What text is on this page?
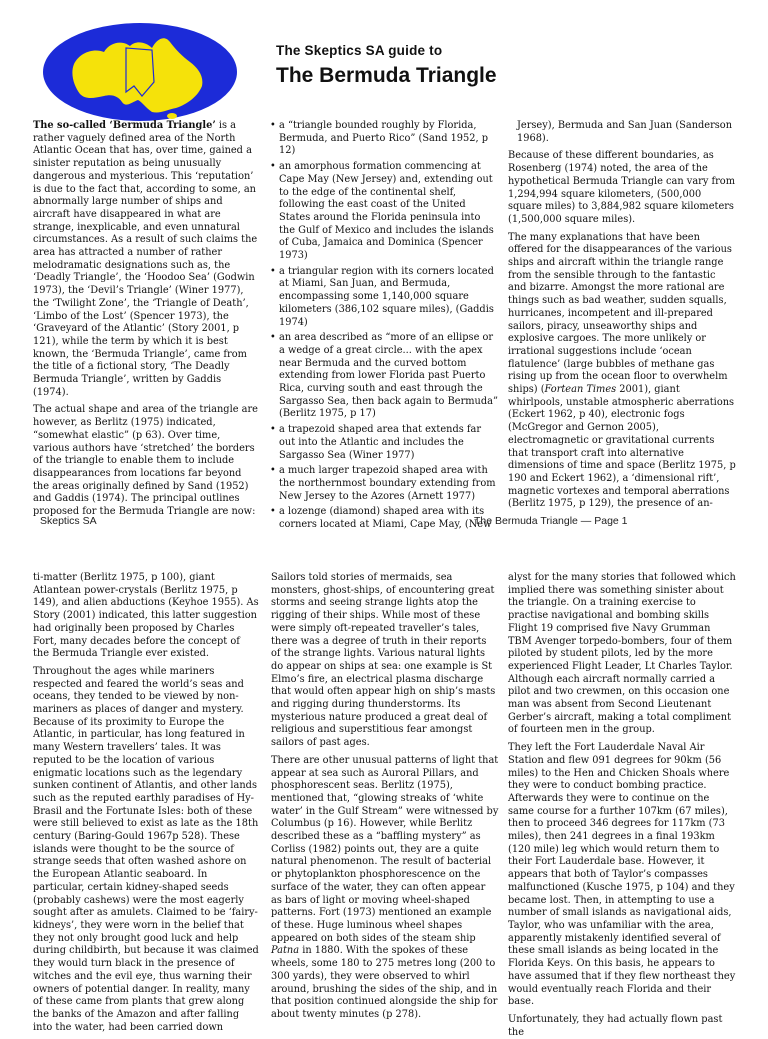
The Skeptics SA guide to
The Bermuda Triangle

The so-called ‘Bermuda Triangle’ is a rather vaguely defined area of the North Atlantic Ocean that has, over time, gained a sinister reputation as being unusually dangerous and mysterious. This ‘reputation’ is due to the fact that, according to some, an abnormally large number of ships and aircraft have disappeared in what are strange, inexplicable, and even unnatural circumstances. As a result of such claims the area has attracted a number of rather melodramatic designations such as, the ‘Deadly Triangle’, the ‘Hoodoo Sea’ (Godwin 1973), the ‘Devil’s Triangle’ (Winer 1977), the ‘Twilight Zone’, the ‘Triangle of Death’, ‘Limbo of the Lost’ (Spencer 1973), the ‘Graveyard of the Atlantic’ (Story 2001, p 121), while the term by which it is best known, the ‘Bermuda Triangle’, came from the title of a fictional story, ‘The Deadly Bermuda Triangle’, written by Gaddis (1974).

The actual shape and area of the triangle are however, as Berlitz (1975) indicated, “somewhat elastic” (p 63). Over time, various authors have ‘stretched’ the borders of the triangle to enable them to include disappearances from locations far beyond the areas originally defined by Sand (1952) and Gaddis (1974). The principal outlines proposed for the Bermuda Triangle are now:

• a “triangle bounded roughly by Florida, Bermuda, and Puerto Rico” (Sand 1952, p 12)
• an amorphous formation commencing at Cape May (New Jersey) and, extending out to the edge of the continental shelf, following the east coast of the United States around the Florida peninsula into the Gulf of Mexico and includes the islands of Cuba, Jamaica and Dominica (Spencer 1973)
• a triangular region with its corners located at Miami, San Juan, and Bermuda, encompassing some 1,140,000 square kilometers (386,102 square miles), (Gaddis 1974)
• an area described as “more of an ellipse or a wedge of a great circle... with the apex near Bermuda and the curved bottom extending from lower Florida past Puerto Rica, curving south and east through the Sargasso Sea, then back again to Bermuda” (Berlitz 1975, p 17)
• a trapezoid shaped area that extends far out into the Atlantic and includes the Sargasso Sea (Winer 1977)
• a much larger trapezoid shaped area with the northernmost boundary extending from New Jersey to the Azores (Arnett 1977)
• a lozenge (diamond) shaped area with its corners located at Miami, Cape May, (New

Jersey), Bermuda and San Juan (Sanderson 1968).

Because of these different boundaries, as Rosenberg (1974) noted, the area of the hypothetical Bermuda Triangle can vary from 1,294,994 square kilometers, (500,000 square miles) to 3,884,982 square kilometers (1,500,000 square miles).

The many explanations that have been offered for the disappearances of the various ships and aircraft within the triangle range from the sensible through to the fantastic and bizarre. Amongst the more rational are things such as bad weather, sudden squalls, hurricanes, incompetent and ill-prepared sailors, piracy, unseaworthy ships and explosive cargoes. The more unlikely or irrational suggestions include ‘ocean flatulence’ (large bubbles of methane gas rising up from the ocean floor to overwhelm ships) (Fortean Times 2001), giant whirlpools, unstable atmospheric aberrations (Eckert 1962, p 40), electronic fogs (McGregor and Gernon 2005), electromagnetic or gravitational currents that transport craft into alternative dimensions of time and space (Berlitz 1975, p 190 and Eckert 1962), a ‘dimensional rift’, magnetic vortexes and temporal aberrations (Berlitz 1975, p 129), the presence of an-

Skeptics SA	The Bermuda Triangle — Page 1

ti-matter (Berlitz 1975, p 100), giant Atlantean power-crystals (Berlitz 1975, p 149), and alien abductions (Keyhoe 1955). As Story (2001) indicated, this latter suggestion had originally been proposed by Charles Fort, many decades before the concept of the Bermuda Triangle ever existed.

Throughout the ages while mariners respected and feared the world’s seas and oceans, they tended to be viewed by non-mariners as places of danger and mystery. Because of its proximity to Europe the Atlantic, in particular, has long featured in many Western travellers’ tales. It was reputed to be the location of various enigmatic locations such as the legendary sunken continent of Atlantis, and other lands such as the reputed earthly paradises of Hy-Brasil and the Fortunate Isles: both of these were still believed to exist as late as the 18th century (Baring-Gould 1967p 528). These islands were thought to be the source of strange seeds that often washed ashore on the European Atlantic seaboard. In particular, certain kidney-shaped seeds (probably cashews) were the most eagerly sought after as amulets. Claimed to be ‘fairy-kidneys’, they were worn in the belief that they not only brought good luck and help during childbirth, but because it was claimed they would turn black in the presence of witches and the evil eye, thus warning their owners of potential danger. In reality, many of these came from plants that grew along the banks of the Amazon and after falling into the water, had been carried down

Sailors told stories of mermaids, sea monsters, ghost-ships, of encountering great storms and seeing strange lights atop the rigging of their ships. While most of these were simply oft-repeated traveller’s tales, there was a degree of truth in their reports of the strange lights. Various natural lights do appear on ships at sea: one example is St Elmo’s fire, an electrical plasma discharge that would often appear high on ship’s masts and rigging during thunderstorms. Its mysterious nature produced a great deal of religious and superstitious fear amongst sailors of past ages.

There are other unusual patterns of light that appear at sea such as Auroral Pillars, and phosphorescent seas. Berlitz (1975), mentioned that, “glowing streaks of ‘white water’ in the Gulf Stream” were witnessed by Columbus (p 16). However, while Berlitz described these as a “baffling mystery” as Corliss (1982) points out, they are a quite natural phenomenon. The result of bacterial or phytoplankton phosphorescence on the surface of the water, they can often appear as bars of light or moving wheel-shaped patterns. Fort (1973) mentioned an example of these. Huge luminous wheel shapes appeared on both sides of the steam ship Patna in 1880. With the spokes of these wheels, some 180 to 275 metres long (200 to 300 yards), they were observed to whirl around, brushing the sides of the ship, and in that position continued alongside the ship for about twenty minutes (p 278).

alyst for the many stories that followed which implied there was something sinister about the triangle. On a training exercise to practise navigational and bombing skills Flight 19 comprised five Navy Grumman TBM Avenger torpedo-bombers, four of them piloted by student pilots, led by the more experienced Flight Leader, Lt Charles Taylor. Although each aircraft normally carried a pilot and two crewmen, on this occasion one man was absent from Second Lieutenant Gerber’s aircraft, making a total compliment of fourteen men in the group.

They left the Fort Lauderdale Naval Air Station and flew 091 degrees for 90km (56 miles) to the Hen and Chicken Shoals where they were to conduct bombing practice. Afterwards they were to continue on the same course for a further 107km (67 miles), then to proceed 346 degrees for 117km (73 miles), then 241 degrees in a final 193km (120 mile) leg which would return them to their Fort Lauderdale base. However, it appears that both of Taylor’s compasses malfunctioned (Kusche 1975, p 104) and they became lost. Then, in attempting to use a number of small islands as navigational aids, Taylor, who was unfamiliar with the area, apparently mistakenly identified several of these small islands as being located in the Florida Keys. On this basis, he appears to have assumed that if they flew northeast they would eventually reach Florida and their base.

Unfortunately, they had actually flown past the
